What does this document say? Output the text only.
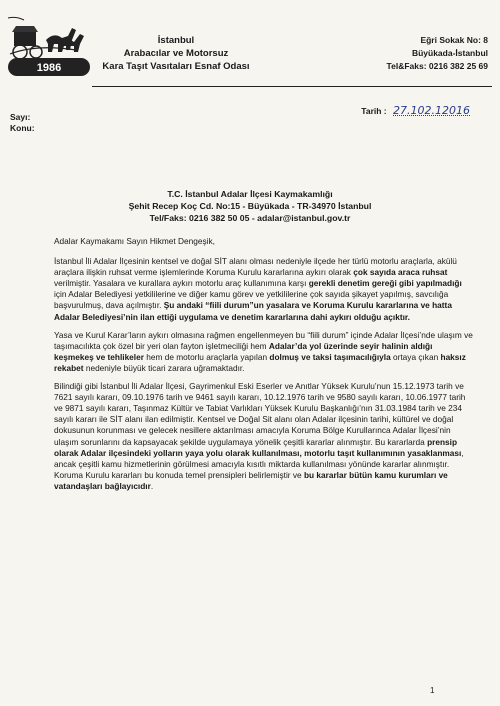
1986
İstanbul
Arabacılar ve Motorsuz
Kara Taşıt Vasıtaları Esnaf Odası
Eğri Sokak No: 8
Büyükada-İstanbul
Tel&Faks: 0216 382 25 69
Sayı:
Konu:
Tarih : 27.102.12016
T.C. İstanbul Adalar İlçesi Kaymakamlığı
Şehit Recep Koç Cd. No:15 - Büyükada - TR-34970 İstanbul
Tel/Faks: 0216 382 50 05 - adalar@istanbul.gov.tr

Adalar Kaymakamı Sayın Hikmet Dengeşik,

İstanbul İli Adalar İlçesinin kentsel ve doğal SİT alanı olması nedeniyle ilçede her türlü motorlu araçlarla, akülü araçlara ilişkin ruhsat verme işlemlerinde Koruma Kurulu kararlarına aykırı olarak çok sayıda araca ruhsat verilmiştir. Yasalara ve kurallara aykırı motorlu araç kullanımına karşı gerekli denetim gereği gibi yapılmadığı için Adalar Belediyesi yetkililerine ve diğer kamu görev ve yetkililerine çok sayıda şikayet yapılmış, savcılığa başvurulmuş, dava açılmıştır. Şu andaki “fiili durum”un yasalara ve Koruma Kurulu kararlarına ve hatta Adalar Belediyesi’nin ilan ettiği uygulama ve denetim kararlarına dahi aykırı olduğu açıktır.

Yasa ve Kurul Karar’ların aykırı olmasına rağmen engellenmeyen bu “fiili durum” içinde Adalar İlçesi’nde ulaşım ve taşımacılıkta çok özel bir yeri olan fayton işletmeciliği hem Adalar’da yol üzerinde seyir halinin aldığı keşmekeş ve tehlikeler hem de motorlu araçlarla yapılan dolmuş ve taksi taşımacılığıyla ortaya çıkan haksız rekabet nedeniyle büyük ticari zarara uğramaktadır.

Bilindiği gibi İstanbul İli Adalar İlçesi, Gayrimenkul Eski Eserler ve Anıtlar Yüksek Kurulu’nun 15.12.1973 tarih ve 7621 sayılı kararı, 09.10.1976 tarih ve 9461 sayılı kararı, 10.12.1976 tarih ve 9580 sayılı kararı, 10.06.1977 tarih ve 9871 sayılı kararı, Taşınmaz Kültür ve Tabiat Varlıkları Yüksek Kurulu Başkanlığı’nın 31.03.1984 tarih ve 234 sayılı kararı ile SİT alanı ilan edilmiştir. Kentsel ve Doğal Sit alanı olan Adalar ilçesinin tarihi, kültürel ve doğal dokusunun korunması ve gelecek nesillere aktarılması amacıyla Koruma Bölge Kurullarınca Adalar İlçesi’nin ulaşım sorunlarını da kapsayacak şekilde uygulamaya yönelik çeşitli kararlar alınmıştır. Bu kararlarda prensip olarak Adalar ilçesindeki yolların yaya yolu olarak kullanılması, motorlu taşıt kullanımının yasaklanması, ancak çeşitli kamu hizmetlerinin görülmesi amacıyla kısıtlı miktarda kullanılması yönünde kararlar alınmıştır. Koruma Kurulu kararları bu konuda temel prensipleri belirlemiştir ve bu kararlar bütün kamu kurumları ve vatandaşları bağlayıcıdır.

1
